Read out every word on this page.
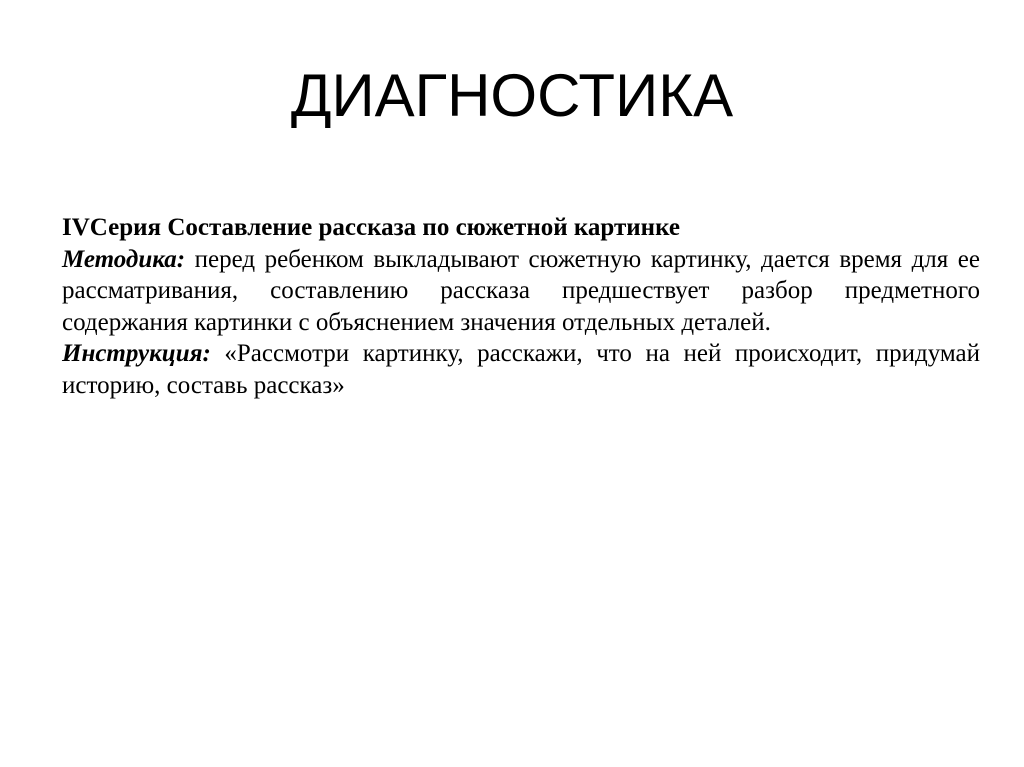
ДИАГНОСТИКА
IVСерия Составление рассказа по сюжетной картинке
Методика: перед ребенком выкладывают сюжетную картинку, дается время для ее
рассматривания, составлению рассказа предшествует разбор предметного
содержания картинки с объяснением значения отдельных деталей.
Инструкция: «Рассмотри картинку, расскажи, что на ней происходит, придумай
историю, составь рассказ»
